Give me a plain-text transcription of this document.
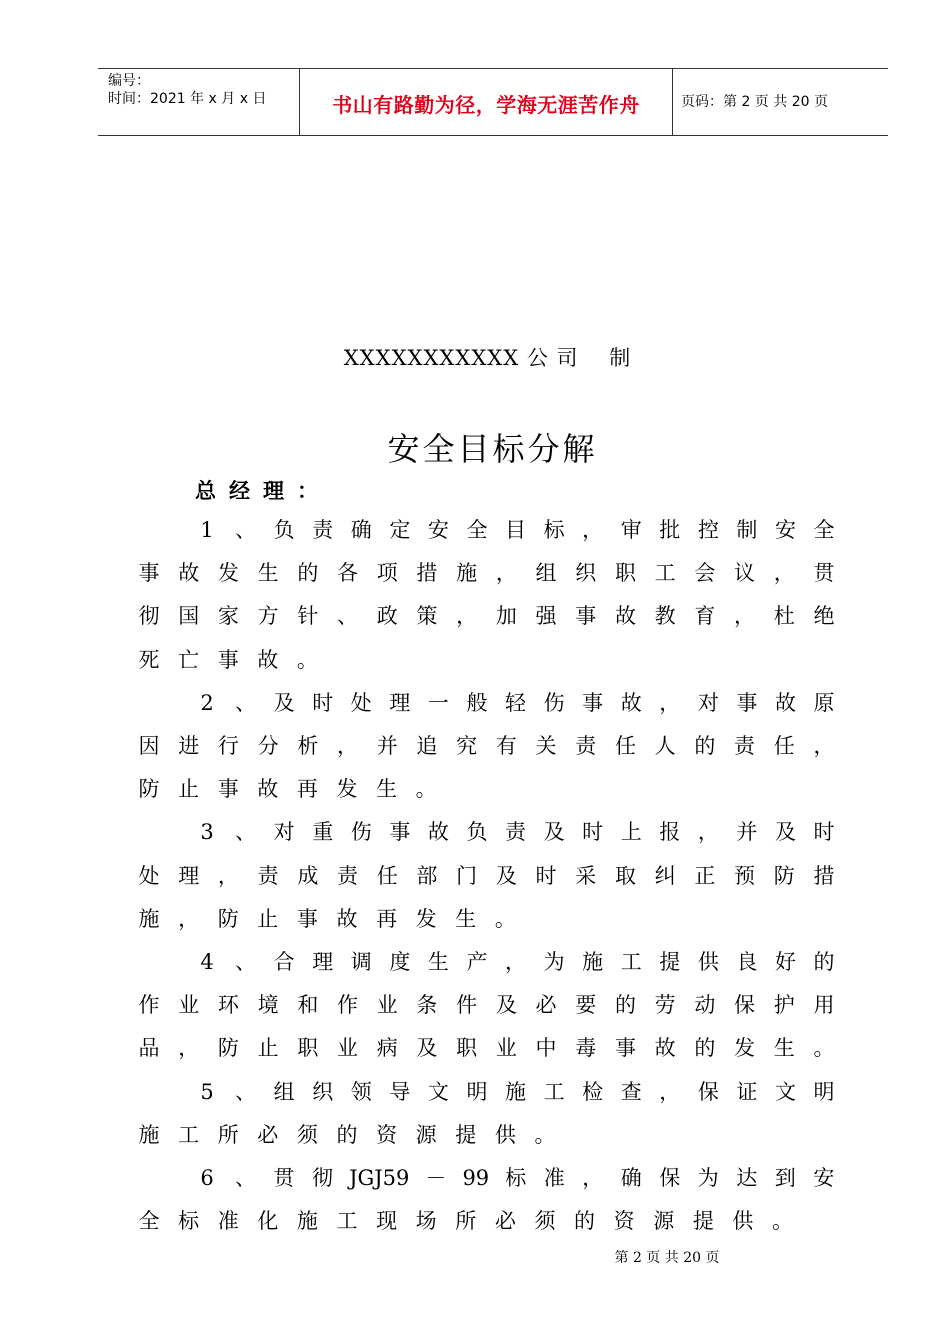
编号：
时间：2021 年 x 月 x 日	书山有路勤为径，学海无涯苦作舟	页码：第 2 页 共 20 页
XXXXXXXXXXX 公 司    制
安全目标分解
总经理：
1 、 负 责 确 定 安 全 目 标 ， 审 批 控 制 安 全
事 故 发 生 的 各 项 措 施 ， 组 织 职 工 会 议 ， 贯
彻 国 家 方 针 、 政 策 ， 加 强 事 故 教 育 ， 杜 绝
死 亡 事 故 。
2 、 及 时 处 理 一 般 轻 伤 事 故 ， 对 事 故 原
因 进 行 分 析 ， 并 追 究 有 关 责 任 人 的 责 任 ，
防 止 事 故 再 发 生 。
3 、 对 重 伤 事 故 负 责 及 时 上 报 ， 并 及 时
处 理 ， 责 成 责 任 部 门 及 时 采 取 纠 正 预 防 措
施 ， 防 止 事 故 再 发 生 。
4 、 合 理 调 度 生 产 ， 为 施 工 提 供 良 好 的
作 业 环 境 和 作 业 条 件 及 必 要 的 劳 动 保 护 用
品 ， 防 止 职 业 病 及 职 业 中 毒 事 故 的 发 生 。
5 、 组 织 领 导 文 明 施 工 检 查 ， 保 证 文 明
施 工 所 必 须 的 资 源 提 供 。
6 、 贯 彻 JGJ59 － 99 标 准 ， 确 保 为 达 到 安
全 标 准 化 施 工 现 场 所 必 须 的 资 源 提 供 。
第 2 页 共 20 页
